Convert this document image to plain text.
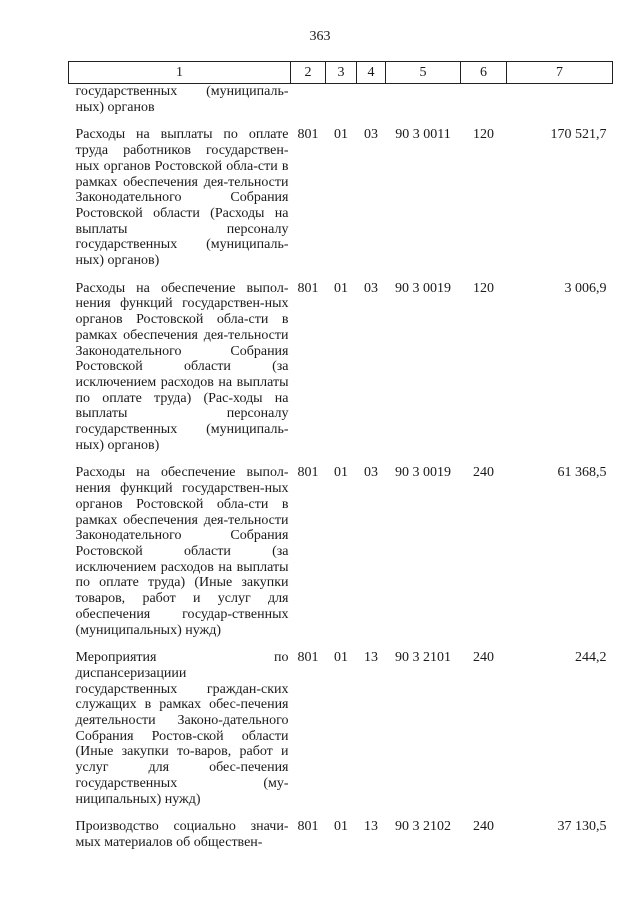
363
1	2	3	4	5	6	7
государственных (муниципаль-ных) органов						
Расходы на выплаты по оплате труда работников государствен-ных органов Ростовской обла-сти в рамках обеспечения дея-тельности Законодательного Собрания Ростовской области (Расходы на выплаты персоналу государственных (муниципаль-ных) органов)	801	01	03	90 3 0011	120	170 521,7
Расходы на обеспечение выпол-нения функций государствен-ных органов Ростовской обла-сти в рамках обеспечения дея-тельности Законодательного Собрания Ростовской области (за исключением расходов на выплаты по оплате труда) (Рас-ходы на выплаты персоналу государственных (муниципаль-ных) органов)	801	01	03	90 3 0019	120	3 006,9
Расходы на обеспечение выпол-нения функций государствен-ных органов Ростовской обла-сти в рамках обеспечения дея-тельности Законодательного Собрания Ростовской области (за исключением расходов на выплаты по оплате труда) (Иные закупки товаров, работ и услуг для обеспечения государ-ственных (муниципальных) нужд)	801	01	03	90 3 0019	240	61 368,5
Мероприятия по диспансеризациии государственных граждан-ских служащих в рамках обес-печения деятельности Законо-дательного Собрания Ростов-ской области (Иные закупки то-варов, работ и услуг для обес-печения государственных (му-ниципальных) нужд)	801	01	13	90 3 2101	240	244,2
Производство социально значи-мых материалов об обществен-	801	01	13	90 3 2102	240	37 130,5
